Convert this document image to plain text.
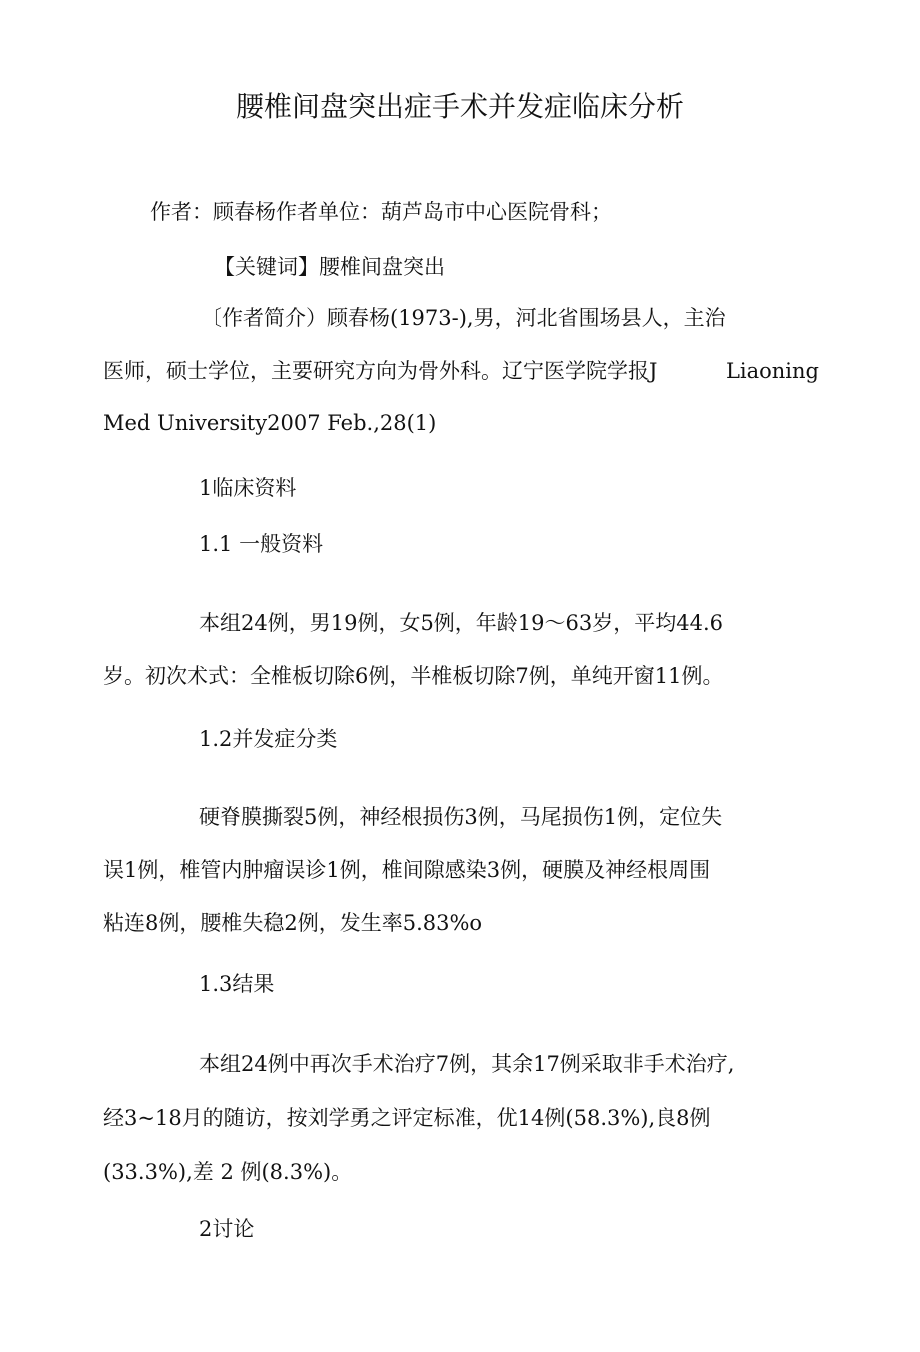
腰椎间盘突出症手术并发症临床分析
作者：顾春杨作者单位：葫芦岛市中心医院骨科；
【关键词】腰椎间盘突出
〔作者简介）顾春杨(1973-),男，河北省围场县人，主治
医师，硕士学位，主要研究方向为骨外科。辽宁医学院学报J	Liaoning
Med University2007 Feb.,28(1)
1临床资料
1.1 一般资料
本组24例，男19例，女5例，年龄19〜63岁，平均44.6
岁。初次术式：全椎板切除6例，半椎板切除7例，单纯开窗11例。
1.2并发症分类
硬脊膜撕裂5例，神经根损伤3例，马尾损伤1例，定位失
误1例，椎管内肿瘤误诊1例，椎间隙感染3例，硬膜及神经根周围
粘连8例，腰椎失稳2例，发生率5.83%o
1.3结果
本组24例中再次手术治疗7例，其余17例采取非手术治疗,
经3~18月的随访，按刘学勇之评定标准，优14例(58.3%),良8例
(33.3%),差 2 例(8.3%)。
2讨论
